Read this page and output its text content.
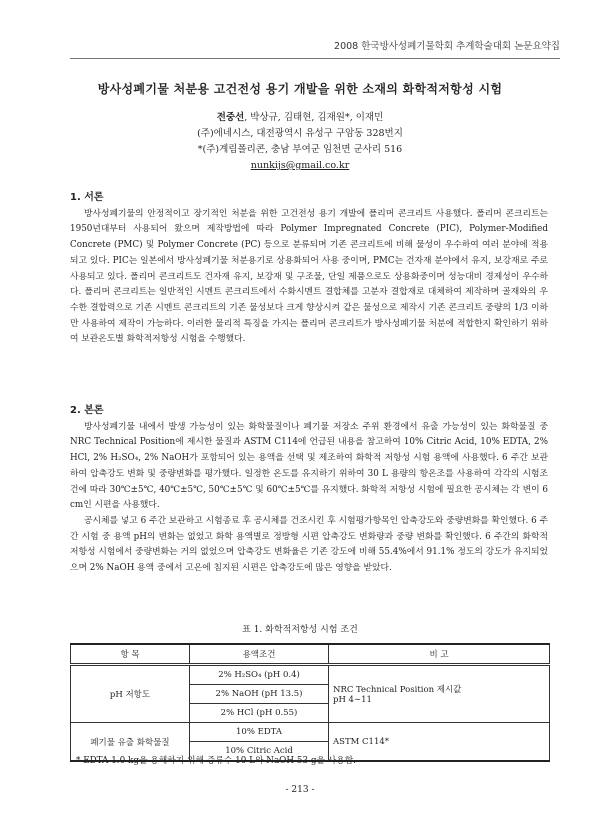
2008 한국방사성폐기물학회 추계학술대회 논문요약집
방사성폐기물 처분용 고건전성 용기 개발을 위한 소재의 화학적저항성 시험
전중선, 박상규, 김태현, 김재원*, 이재민
(주)에네시스, 대전광역시 유성구 구암동 328번지
*(주)계림폴리콘, 충남 부여군 임천면 군사리 516
nunkijs@gmail.co.kr
1. 서론

방사성폐기물의 안정적이고 장기적인 처분을 위한 고건전성 용기 개발에 폴리머 콘크리트 사용했다. 폴리머 콘크리트는 1950년대부터 사용되어 왔으며 제작방법에 따라 Polymer Impregnated Concrete (PIC), Polymer-Modified Concrete (PMC) 및 Polymer Concrete (PC) 등으로 분류되며 기존 콘크리트에 비해 물성이 우수하여 여러 분야에 적용되고 있다. PIC는 일본에서 방사성폐기물 처분용기로 상용화되어 사용 중이며, PMC는 건자재 분야에서 유지, 보강재로 주로 사용되고 있다. 폴리머 콘크리트도 건자재 유지, 보강재 및 구조물, 단일 제품으로도 상용화중이며 성능대비 경제성이 우수하다. 폴리머 콘크리트는 일반적인 시멘트 콘크리트에서 수화시멘트 결합체를 고분자 결합재로 대체하여 제작하며 골재와의 우수한 결합력으로 기존 시멘트 콘크리트의 기존 물성보다 크게 향상시켜 같은 물성으로 제작시 기존 콘크리트 중량의 1/3 이하만 사용하여 제작이 가능하다. 이러한 물리적 특징을 가지는 폴리머 콘크리트가 방사성폐기물 처분에 적합한지 확인하기 위하여 보관온도별 화학적저항성 시험을 수행했다.

2. 본론

방사성폐기물 내에서 발생 가능성이 있는 화학물질이나 폐기물 저장소 주위 환경에서 유출 가능성이 있는 화학물질 중 NRC Technical Position에 제시한 물질과 ASTM C114에 언급된 내용을 참고하여 10% Citric Acid, 10% EDTA, 2% HCl, 2% H₂SO₄, 2% NaOH가 포함되어 있는 용액을 선택 및 제조하여 화학적 저항성 시험 용액에 사용했다. 6 주간 보관하여 압축강도 변화 및 중량변화를 평가했다. 일정한 온도를 유지하기 위하여 30 L 용량의 항온조를 사용하여 각각의 시험조건에 따라 30℃±5℃, 40℃±5℃, 50℃±5℃ 및 60℃±5℃를 유지했다. 화학적 저항성 시험에 필요한 공시체는 각 변이 6 cm인 시편을 사용했다.

공시체를 넣고 6 주간 보관하고 시험종료 후 공시체를 건조시킨 후 시험평가항목인 압축강도와 중량변화를 확인했다. 6 주간 시험 중 용액 pH의 변화는 없었고 화학 용액별로 정방형 시편 압축강도 변화량과 중량 변화를 확인했다. 6 주간의 화학적 저항성 시험에서 중량변화는 거의 없었으며 압축강도 변화율은 기존 강도에 비해 55.4%에서 91.1% 정도의 강도가 유지되었으며 2% NaOH 용액 중에서 고온에 침지된 시편은 압축강도에 많은 영향을 받았다.

표 1. 화학적저항성 시험 조건
항 목	용액조건	비 고
pH 저항도	2% H₂SO₄ (pH 0.4)	NRC Technical Position 제시값
pH 4∼11

	2% NaOH (pH 13.5)	
	2% HCl (pH 0.55)	
폐기물 유출 화학물질	10% EDTA	ASTM C114*
	10% Citric Acid	
* EDTA 1.0 kg을 용해하기 위해 증류수 10 L와 NaOH 53 g을 사용함.
- 213 -
